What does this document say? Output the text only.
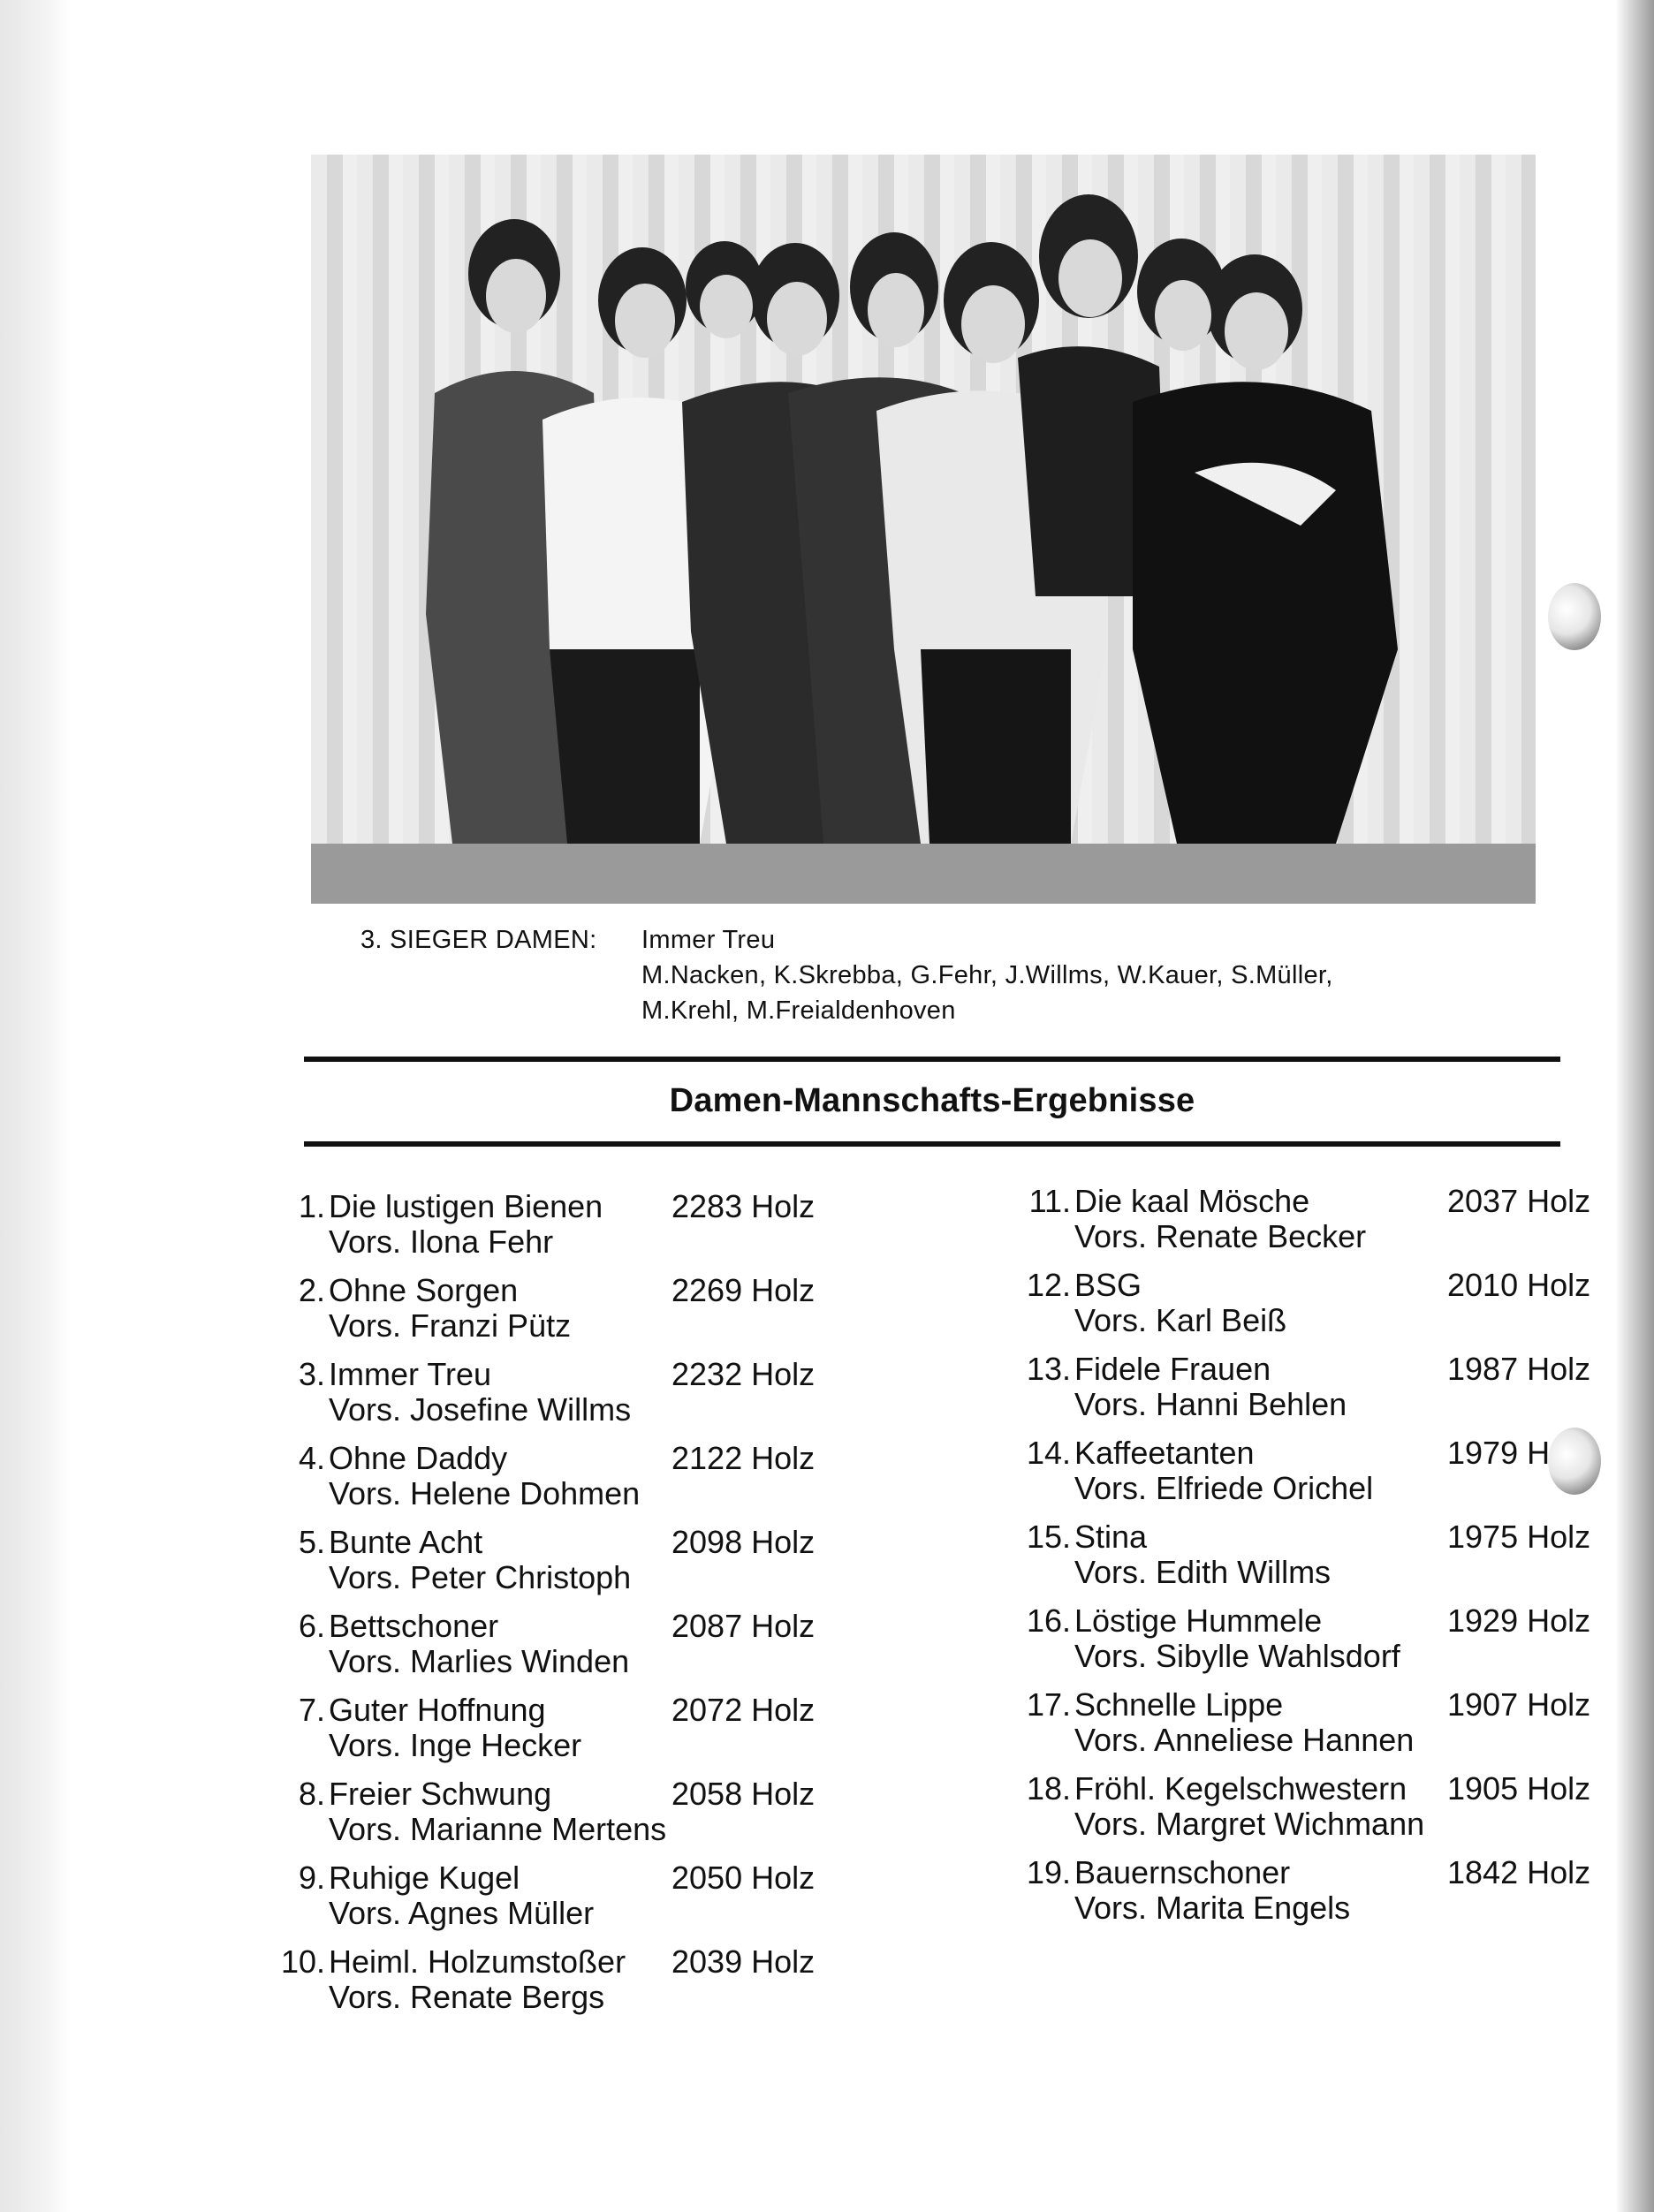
3. SIEGER DAMEN: Immer Treu
M.Nacken, K.Skrebba, G.Fehr, J.Willms, W.Kauer, S.Müller,
M.Krehl, M.Freialdenhoven
Damen-Mannschafts-Ergebnisse
1. Die lustigen Bienen 2283 Holz
Vors. Ilona Fehr
2. Ohne Sorgen	2269 Holz
Vors. Franzi Pütz
3. Immer Treu	2232 Holz
Vors. Josefine Willms
4. Ohne Daddy	2122 Holz
Vors. Helene Dohmen
5. Bunte Acht	2098 Holz
Vors. Peter Christoph
6. Bettschoner	2087 Holz
Vors. Marlies Winden
7. Guter Hoffnung	2072 Holz
Vors. Inge Hecker
8. Freier Schwung	2058 Holz
Vors. Marianne Mertens
9. Ruhige Kugel	2050 Holz
Vors. Agnes Müller
10. Heiml. Holzumstoßer 2039 Holz
Vors. Renate Bergs
11. Die kaal Mösche	2037 Holz
Vors. Renate Becker
12. BSG	2010 Holz
Vors. Karl Beiß
13. Fidele Frauen	1987 Holz
Vors. Hanni Behlen
14. Kaffeetanten	1979 H
Vors. Elfriede Orichel
15. Stina	1975 Holz
Vors. Edith Willms
16. Löstige Hummele	1929 Holz
Vors. Sibylle Wahlsdorf
17. Schnelle Lippe	1907 Holz
Vors. Anneliese Hannen
18. Fröhl. Kegelschwestern 1905 Holz
Vors. Margret Wichmann
19. Bauernschoner	1842 Holz
Vors. Marita Engels
